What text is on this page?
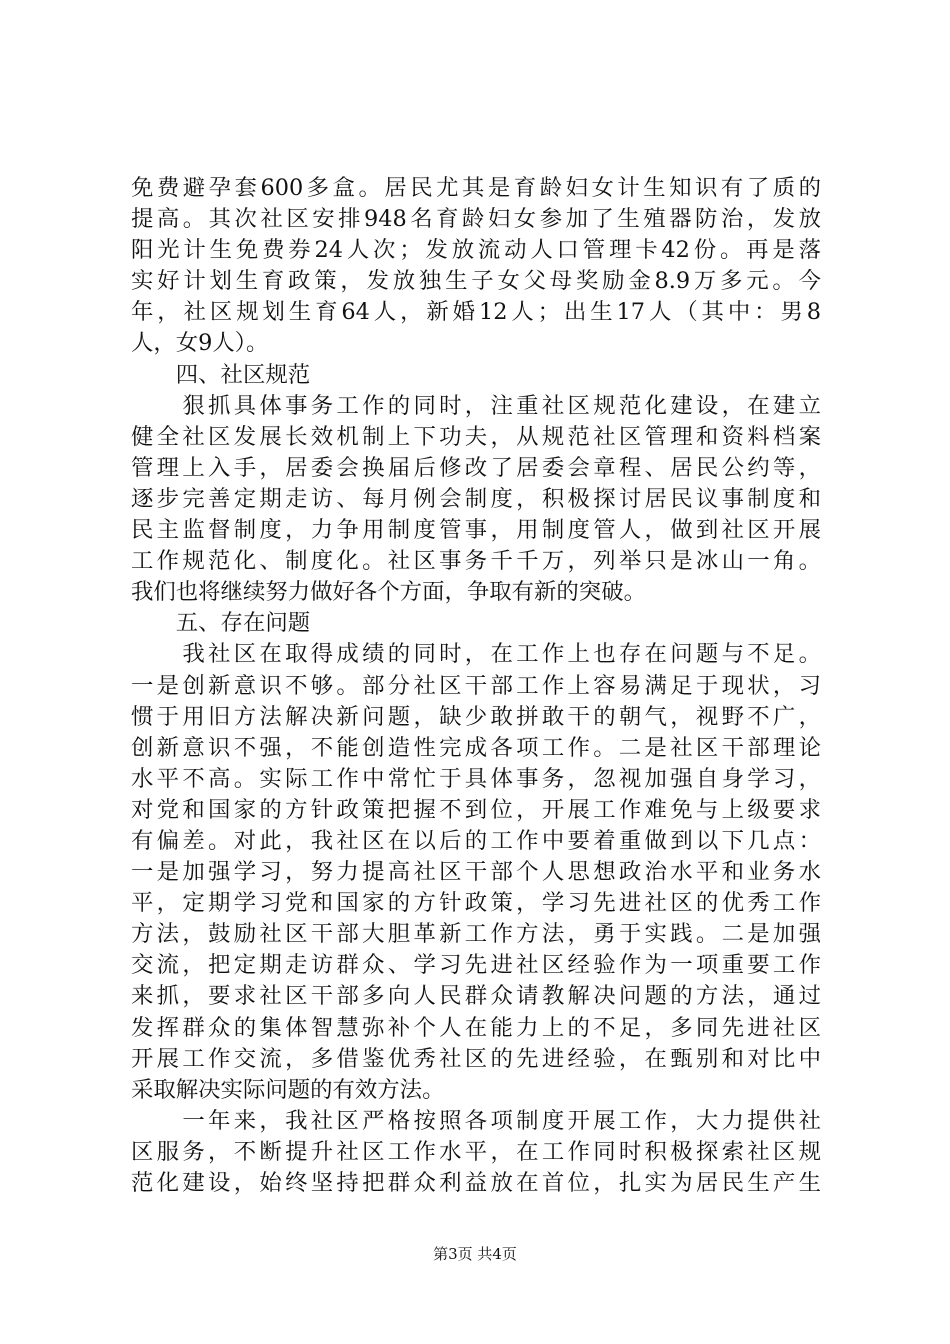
免费避孕套600多盒。居民尤其是育龄妇女计生知识有了质的
提高。其次社区安排948名育龄妇女参加了生殖器防治，发放
阳光计生免费券24人次；发放流动人口管理卡42份。再是落
实好计划生育政策，发放独生子女父母奖励金8.9万多元。今
年，社区规划生育64人，新婚12人；出生17人（其中：男8
人，女9人）。
　　四、社区规范
　　狠抓具体事务工作的同时，注重社区规范化建设，在建立
健全社区发展长效机制上下功夫，从规范社区管理和资料档案
管理上入手，居委会换届后修改了居委会章程、居民公约等，
逐步完善定期走访、每月例会制度，积极探讨居民议事制度和
民主监督制度，力争用制度管事，用制度管人，做到社区开展
工作规范化、制度化。社区事务千千万，列举只是冰山一角。
我们也将继续努力做好各个方面，争取有新的突破。
　　五、存在问题
　　我社区在取得成绩的同时，在工作上也存在问题与不足。
一是创新意识不够。部分社区干部工作上容易满足于现状，习
惯于用旧方法解决新问题，缺少敢拼敢干的朝气，视野不广，
创新意识不强，不能创造性完成各项工作。二是社区干部理论
水平不高。实际工作中常忙于具体事务，忽视加强自身学习，
对党和国家的方针政策把握不到位，开展工作难免与上级要求
有偏差。对此，我社区在以后的工作中要着重做到以下几点：
一是加强学习，努力提高社区干部个人思想政治水平和业务水
平，定期学习党和国家的方针政策，学习先进社区的优秀工作
方法，鼓励社区干部大胆革新工作方法，勇于实践。二是加强
交流，把定期走访群众、学习先进社区经验作为一项重要工作
来抓，要求社区干部多向人民群众请教解决问题的方法，通过
发挥群众的集体智慧弥补个人在能力上的不足，多同先进社区
开展工作交流，多借鉴优秀社区的先进经验，在甄别和对比中
采取解决实际问题的有效方法。
　　一年来，我社区严格按照各项制度开展工作，大力提供社
区服务，不断提升社区工作水平，在工作同时积极探索社区规
范化建设，始终坚持把群众利益放在首位，扎实为居民生产生
第3页 共4页
